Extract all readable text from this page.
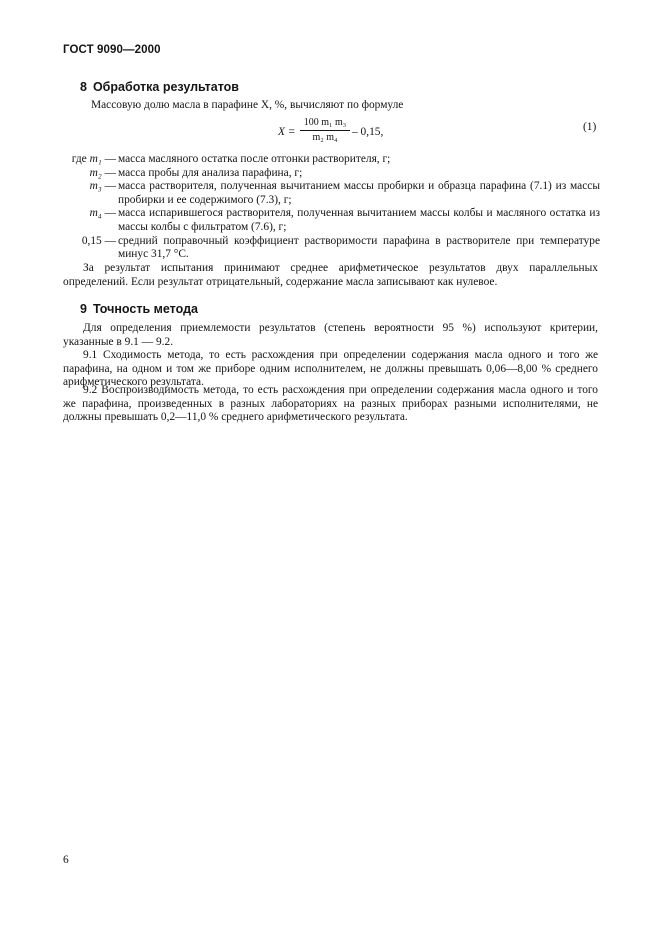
ГОСТ 9090—2000
8 Обработка результатов
Массовую долю масла в парафине X, %, вычисляют по формуле
X =
100 m₁ m₃
m₂ m₄	– 0,15,	(1)
где m₁ — масса масляного остатка после отгонки растворителя, г;
m₂ — масса пробы для анализа парафина, г;
m₃ — масса растворителя, полученная вычитанием массы пробирки и образца парафина (7.1) из массы пробирки и ее содержимого (7.3), г;
m₄ — масса испарившегося растворителя, полученная вычитанием массы колбы и масляного остатка из массы колбы с фильтратом (7.6), г;
0,15 — средний поправочный коэффициент растворимости парафина в растворителе при температуре минус 31,7 °С.
За результат испытания принимают среднее арифметическое результатов двух параллельных определений. Если результат отрицательный, содержание масла записывают как нулевое.
9 Точность метода
Для определения приемлемости результатов (степень вероятности 95 %) используют критерии, указанные в 9.1 — 9.2.
9.1 Сходимость метода, то есть расхождения при определении содержания масла одного и того же парафина, на одном и том же приборе одним исполнителем, не должны превышать 0,06—8,00 % среднего арифметического результата.
9.2 Воспроизводимость метода, то есть расхождения при определении содержания масла одного и того же парафина, произведенных в разных лабораториях на разных приборах разными исполнителями, не должны превышать 0,2—11,0 % среднего арифметического результата.
6
